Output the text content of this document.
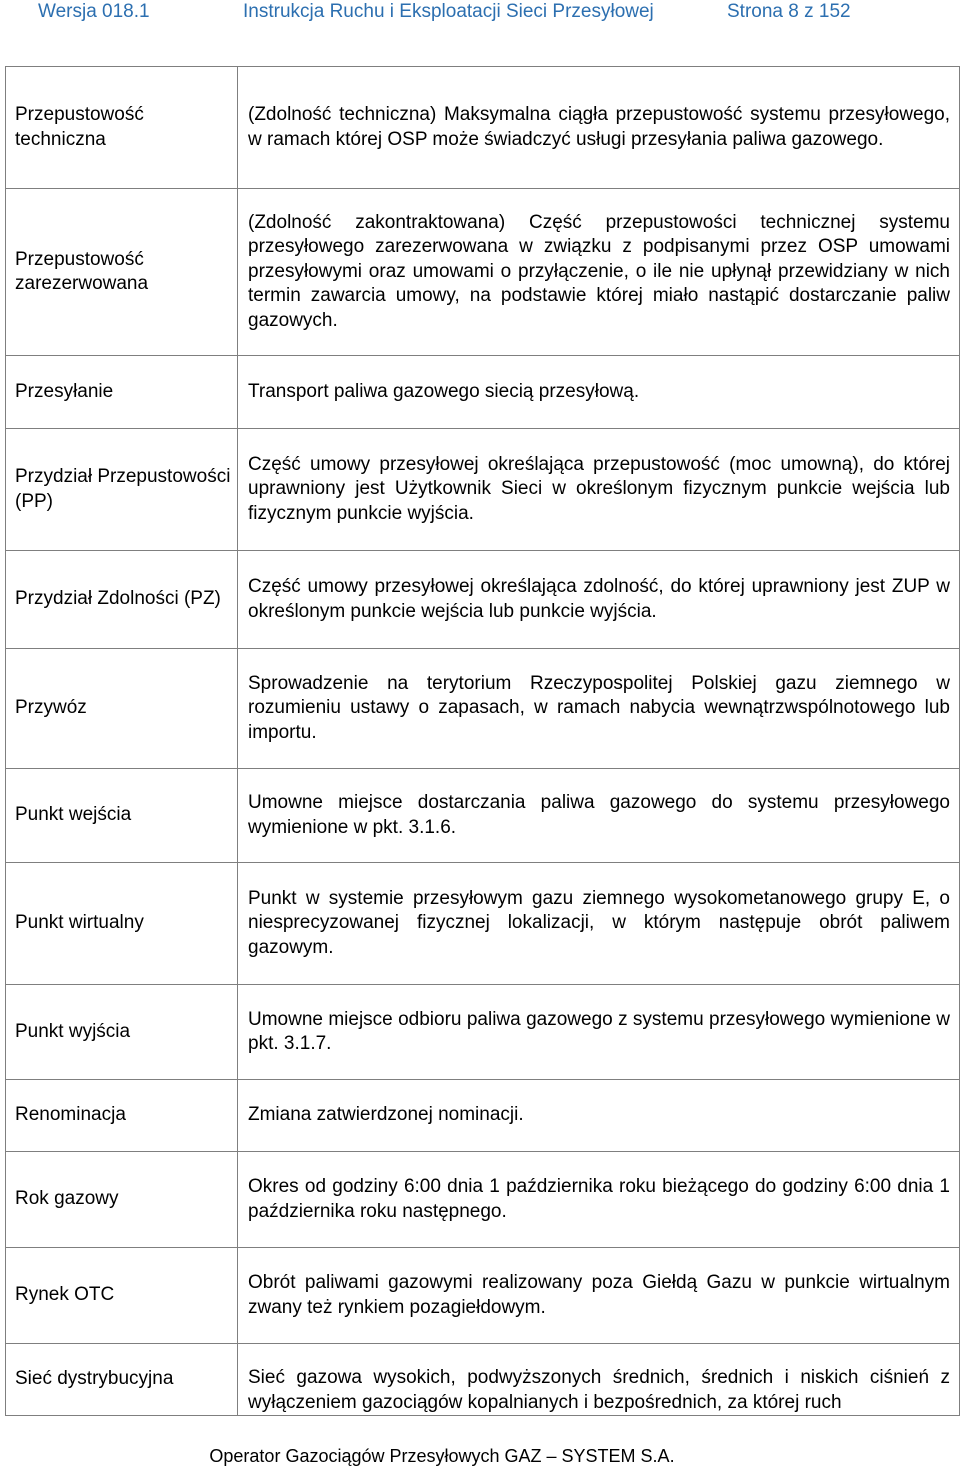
Wersja 018.1	Instrukcja Ruchu i Eksploatacji Sieci Przesyłowej	Strona 8 z 152
Przepustowość techniczna	(Zdolność techniczna) Maksymalna ciągła przepustowość systemu przesyłowego, w ramach której OSP może świadczyć usługi przesyłania paliwa gazowego.
Przepustowość zarezerwowana	(Zdolność zakontraktowana) Część przepustowości technicznej systemu przesyłowego zarezerwowana w związku z podpisanymi przez OSP umowami przesyłowymi oraz umowami o przyłączenie, o ile nie upłynął przewidziany w nich termin zawarcia umowy, na podstawie której miało nastąpić dostarczanie paliw gazowych.
Przesyłanie	Transport paliwa gazowego siecią przesyłową.
Przydział Przepustowości (PP)	Część umowy przesyłowej określająca przepustowość (moc umowną), do której uprawniony jest Użytkownik Sieci w określonym fizycznym punkcie wejścia lub fizycznym punkcie wyjścia.
Przydział Zdolności (PZ)	Część umowy przesyłowej określająca zdolność, do której uprawniony jest ZUP w określonym punkcie wejścia lub punkcie wyjścia.
Przywóz	Sprowadzenie na terytorium Rzeczypospolitej Polskiej gazu ziemnego w rozumieniu ustawy o zapasach, w ramach nabycia wewnątrzwspólnotowego lub importu.
Punkt wejścia	Umowne miejsce dostarczania paliwa gazowego do systemu przesyłowego wymienione w pkt. 3.1.6.
Punkt wirtualny	Punkt w systemie przesyłowym gazu ziemnego wysokometanowego grupy E, o niesprecyzowanej fizycznej lokalizacji, w którym następuje obrót paliwem gazowym.
Punkt wyjścia	Umowne miejsce odbioru paliwa gazowego z systemu przesyłowego wymienione w pkt. 3.1.7.
Renominacja	Zmiana zatwierdzonej nominacji.
Rok gazowy	Okres od godziny 6:00 dnia 1 października roku bieżącego do godziny 6:00 dnia 1 października roku następnego.
Rynek OTC	Obrót paliwami gazowymi realizowany poza Giełdą Gazu w punkcie wirtualnym zwany też rynkiem pozagiełdowym.
Sieć dystrybucyjna	Sieć gazowa wysokich, podwyższonych średnich, średnich i niskich ciśnień z wyłączeniem gazociągów kopalnianych i bezpośrednich, za której ruch
Operator Gazociągów Przesyłowych GAZ – SYSTEM S.A.
